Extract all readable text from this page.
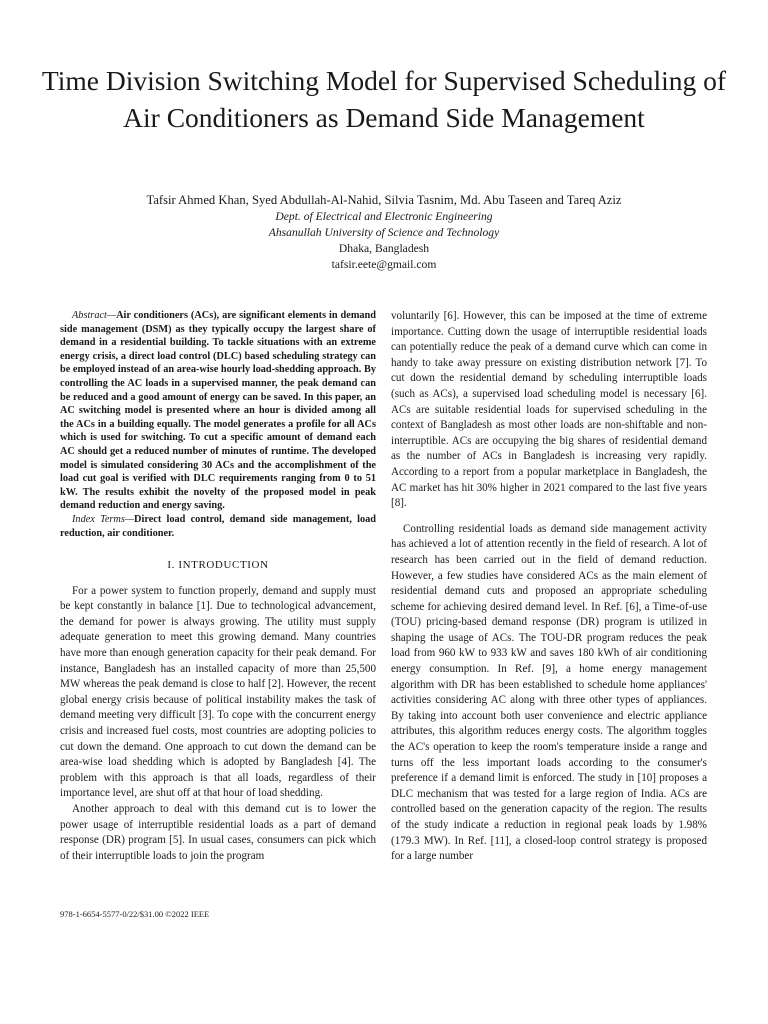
Time Division Switching Model for Supervised Scheduling of Air Conditioners as Demand Side Management
Tafsir Ahmed Khan, Syed Abdullah-Al-Nahid, Silvia Tasnim, Md. Abu Taseen and Tareq Aziz
Dept. of Electrical and Electronic Engineering
Ahsanullah University of Science and Technology
Dhaka, Bangladesh
tafsir.eete@gmail.com

Abstract—Air conditioners (ACs), are significant elements in demand side management (DSM) as they typically occupy the largest share of demand in a residential building. To tackle situations with an extreme energy crisis, a direct load control (DLC) based scheduling strategy can be employed instead of an area-wise hourly load-shedding approach. By controlling the AC loads in a supervised manner, the peak demand can be reduced and a good amount of energy can be saved. In this paper, an AC switching model is presented where an hour is divided among all the ACs in a building equally. The model generates a profile for all ACs which is used for switching. To cut a specific amount of demand each AC should get a reduced number of minutes of runtime. The developed model is simulated considering 30 ACs and the accomplishment of the load cut goal is verified with DLC requirements ranging from 0 to 51 kW. The results exhibit the novelty of the proposed model in peak demand reduction and energy saving.

Index Terms—Direct load control, demand side management, load reduction, air conditioner.

I. INTRODUCTION

For a power system to function properly, demand and supply must be kept constantly in balance [1]. Due to technological advancement, the demand for power is always growing. The utility must supply adequate generation to meet this growing demand. Many countries have more than enough generation capacity for their peak demand. For instance, Bangladesh has an installed capacity of more than 25,500 MW whereas the peak demand is close to half [2]. However, the recent global energy crisis because of political instability makes the task of demand meeting very difficult [3]. To cope with the concurrent energy crisis and increased fuel costs, most countries are adopting policies to cut down the demand. One approach to cut down the demand can be area-wise load shedding which is adopted by Bangladesh [4]. The problem with this approach is that all loads, regardless of their importance level, are shut off at that hour of load shedding.

Another approach to deal with this demand cut is to lower the power usage of interruptible residential loads as a part of demand response (DR) program [5]. In usual cases, consumers can pick which of their interruptible loads to join the program

voluntarily [6]. However, this can be imposed at the time of extreme importance. Cutting down the usage of interruptible residential loads can potentially reduce the peak of a demand curve which can come in handy to take away pressure on existing distribution network [7]. To cut down the residential demand by scheduling interruptible loads (such as ACs), a supervised load scheduling model is necessary [6]. ACs are suitable residential loads for supervised scheduling in the context of Bangladesh as most other loads are non-shiftable and non-interruptible. ACs are occupying the big shares of residential demand as the number of ACs in Bangladesh is increasing very rapidly. According to a report from a popular marketplace in Bangladesh, the AC market has hit 30% higher in 2021 compared to the last five years [8].

Controlling residential loads as demand side management activity has achieved a lot of attention recently in the field of research. A lot of research has been carried out in the field of demand reduction. However, a few studies have considered ACs as the main element of residential demand cuts and proposed an appropriate scheduling scheme for achieving desired demand level. In Ref. [6], a Time-of-use (TOU) pricing-based demand response (DR) program is utilized in shaping the usage of ACs. The TOU-DR program reduces the peak load from 960 kW to 933 kW and saves 180 kWh of air conditioning energy consumption. In Ref. [9], a home energy management algorithm with DR has been established to schedule home appliances' activities considering AC along with three other types of appliances. By taking into account both user convenience and electric appliance attributes, this algorithm reduces energy costs. The algorithm toggles the AC's operation to keep the room's temperature inside a range and turns off the less important loads according to the consumer's preference if a demand limit is enforced. The study in [10] proposes a DLC mechanism that was tested for a large region of India. ACs are controlled based on the generation capacity of the region. The results of the study indicate a reduction in regional peak loads by 1.98% (179.3 MW). In Ref. [11], a closed-loop control strategy is proposed for a large number

978-1-6654-5577-0/22/$31.00 ©2022 IEEE
